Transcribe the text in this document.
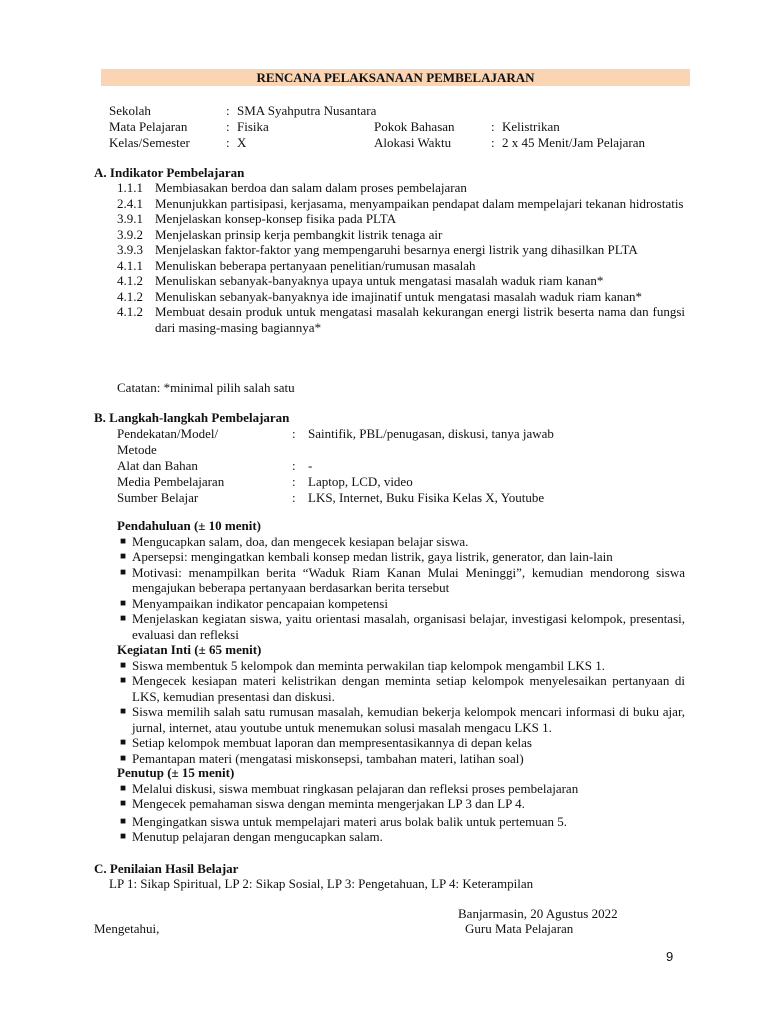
RENCANA PELAKSANAAN PEMBELAJARAN
Sekolah	: SMA Syahputra Nusantara
Mata Pelajaran	: Fisika	Pokok Bahasan	: Kelistrikan
Kelas/Semester	: X	Alokasi Waktu	: 2 x 45 Menit/Jam Pelajaran
A. Indikator Pembelajaran
1.1.1 Membiasakan berdoa dan salam dalam proses pembelajaran
2.4.1 Menunjukkan partisipasi, kerjasama, menyampaikan pendapat dalam mempelajari tekanan hidrostatis
3.9.1 Menjelaskan konsep-konsep fisika pada PLTA
3.9.2 Menjelaskan prinsip kerja pembangkit listrik tenaga air
3.9.3 Menjelaskan faktor-faktor yang mempengaruhi besarnya energi listrik yang dihasilkan PLTA
4.1.1 Menuliskan beberapa pertanyaan penelitian/rumusan masalah
4.1.2 Menuliskan sebanyak-banyaknya upaya untuk mengatasi masalah waduk riam kanan*
4.1.2 Menuliskan sebanyak-banyaknya ide imajinatif untuk mengatasi masalah waduk riam kanan*
4.1.2 Membuat desain produk untuk mengatasi masalah kekurangan energi listrik beserta nama dan fungsi dari masing-masing bagiannya*
Catatan: *minimal pilih salah satu
B. Langkah-langkah Pembelajaran
Pendekatan/Model/	: Saintifik, PBL/penugasan, diskusi, tanya jawab
Metode
Alat dan Bahan	: -
Media Pembelajaran	: Laptop, LCD, video
Sumber Belajar	: LKS, Internet, Buku Fisika Kelas X, Youtube
Pendahuluan (± 10 menit)
■ Mengucapkan salam, doa, dan mengecek kesiapan belajar siswa.
■ Apersepsi: mengingatkan kembali konsep medan listrik, gaya listrik, generator, dan lain-lain
■ Motivasi: menampilkan berita “Waduk Riam Kanan Mulai Meninggi”, kemudian mendorong siswa mengajukan beberapa pertanyaan berdasarkan berita tersebut
■ Menyampaikan indikator pencapaian kompetensi
■ Menjelaskan kegiatan siswa, yaitu orientasi masalah, organisasi belajar, investigasi kelompok, presentasi, evaluasi dan refleksi
Kegiatan Inti (± 65 menit)
■ Siswa membentuk 5 kelompok dan meminta perwakilan tiap kelompok mengambil LKS 1.
■ Mengecek kesiapan materi kelistrikan dengan meminta setiap kelompok menyelesaikan pertanyaan di LKS, kemudian presentasi dan diskusi.
■ Siswa memilih salah satu rumusan masalah, kemudian bekerja kelompok mencari informasi di buku ajar, jurnal, internet, atau youtube untuk menemukan solusi masalah mengacu LKS 1.
■ Setiap kelompok membuat laporan dan mempresentasikannya di depan kelas
■ Pemantapan materi (mengatasi miskonsepsi, tambahan materi, latihan soal)
Penutup (± 15 menit)
■ Melalui diskusi, siswa membuat ringkasan pelajaran dan refleksi proses pembelajaran
■ Mengecek pemahaman siswa dengan meminta mengerjakan LP 3 dan LP 4.
■ Mengingatkan siswa untuk mempelajari materi arus bolak balik untuk pertemuan 5.
■ Menutup pelajaran dengan mengucapkan salam.
C. Penilaian Hasil Belajar
LP 1: Sikap Spiritual, LP 2: Sikap Sosial, LP 3: Pengetahuan, LP 4: Keterampilan
Banjarmasin, 20 Agustus 2022
Mengetahui,	Guru Mata Pelajaran
9
